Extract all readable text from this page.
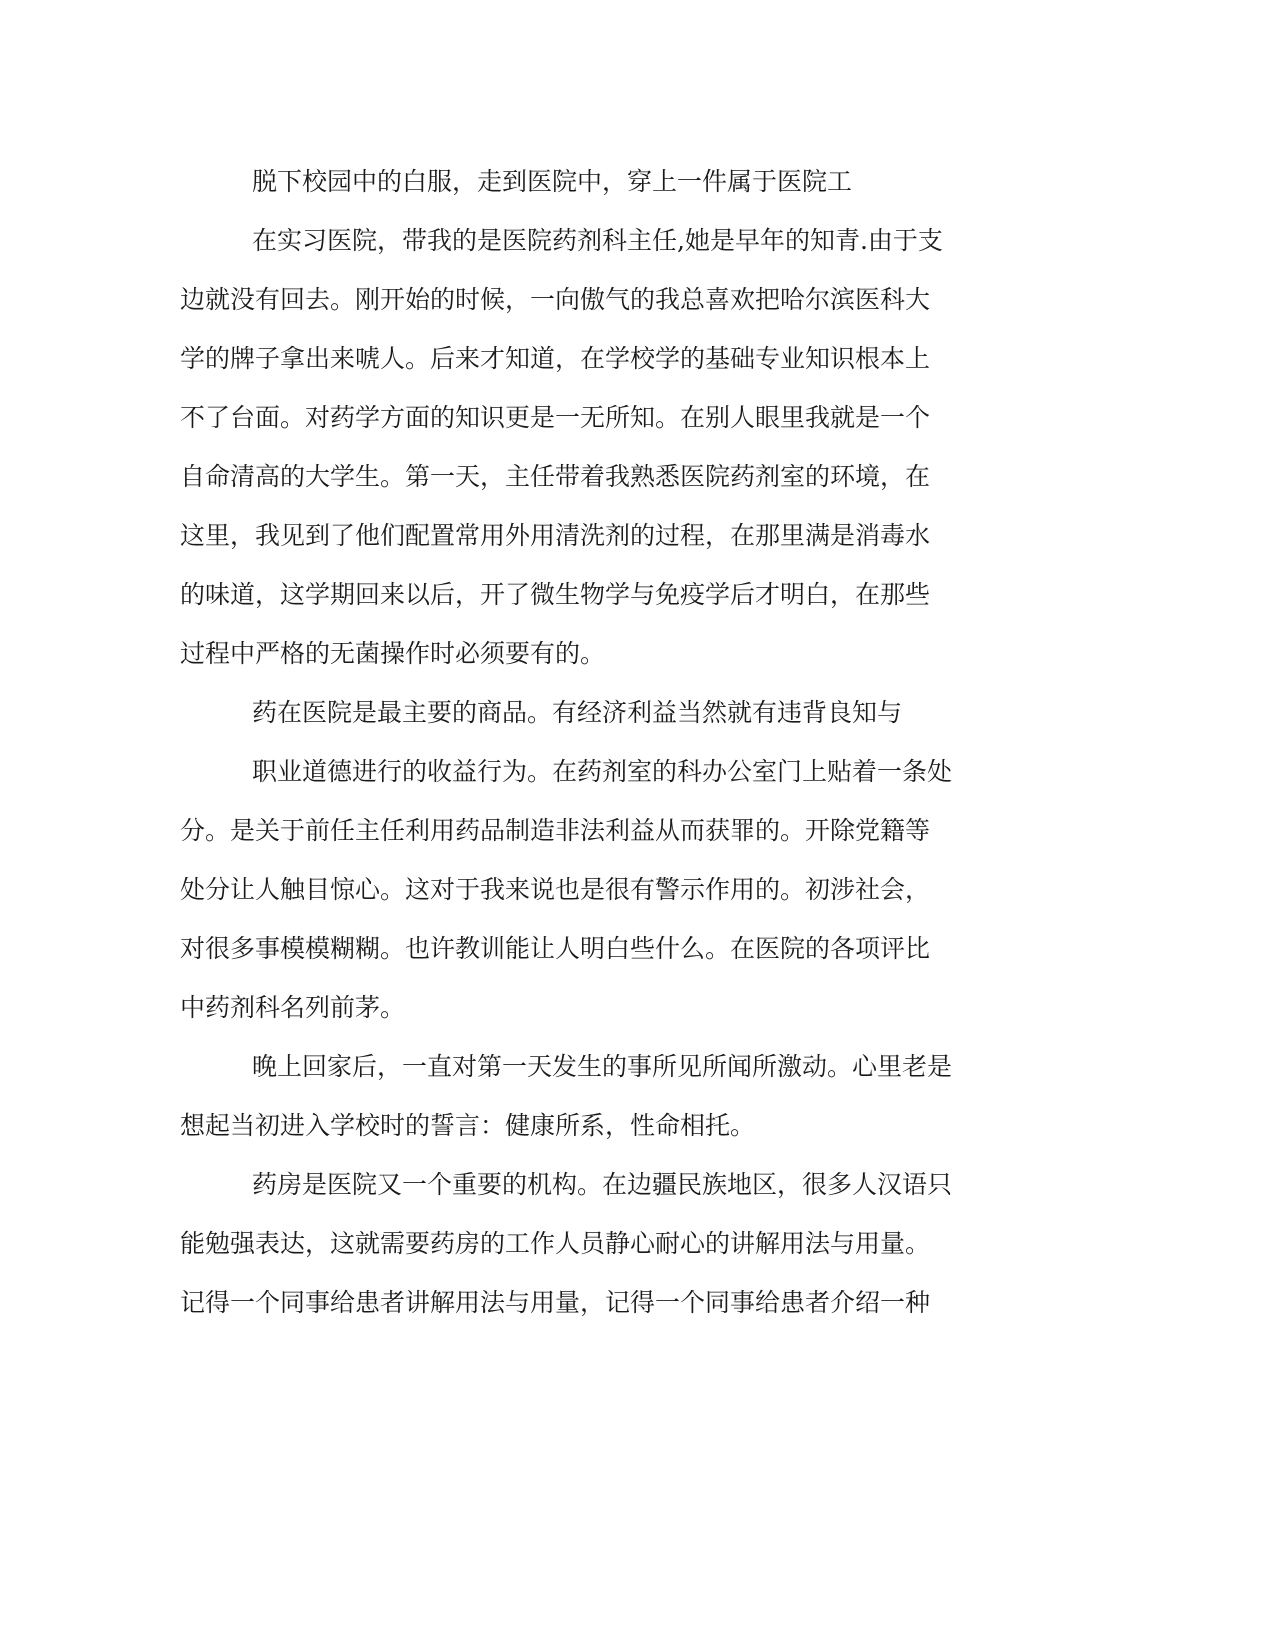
脱下校园中的白服，走到医院中，穿上一件属于医院工
在实习医院，带我的是医院药剂科主任,她是早年的知青.由于支
边就没有回去。刚开始的时候，一向傲气的我总喜欢把哈尔滨医科大
学的牌子拿出来唬人。后来才知道，在学校学的基础专业知识根本上
不了台面。对药学方面的知识更是一无所知。在别人眼里我就是一个
自命清高的大学生。第一天，主任带着我熟悉医院药剂室的环境，在
这里，我见到了他们配置常用外用清洗剂的过程，在那里满是消毒水
的味道，这学期回来以后，开了微生物学与免疫学后才明白，在那些
过程中严格的无菌操作时必须要有的。
药在医院是最主要的商品。有经济利益当然就有违背良知与
职业道德进行的收益行为。在药剂室的科办公室门上贴着一条处
分。是关于前任主任利用药品制造非法利益从而获罪的。开除党籍等
处分让人触目惊心。这对于我来说也是很有警示作用的。初涉社会，
对很多事模模糊糊。也许教训能让人明白些什么。在医院的各项评比
中药剂科名列前茅。
晚上回家后，一直对第一天发生的事所见所闻所激动。心里老是
想起当初进入学校时的誓言：健康所系，性命相托。
药房是医院又一个重要的机构。在边疆民族地区，很多人汉语只
能勉强表达，这就需要药房的工作人员静心耐心的讲解用法与用量。
记得一个同事给患者讲解用法与用量，记得一个同事给患者介绍一种
